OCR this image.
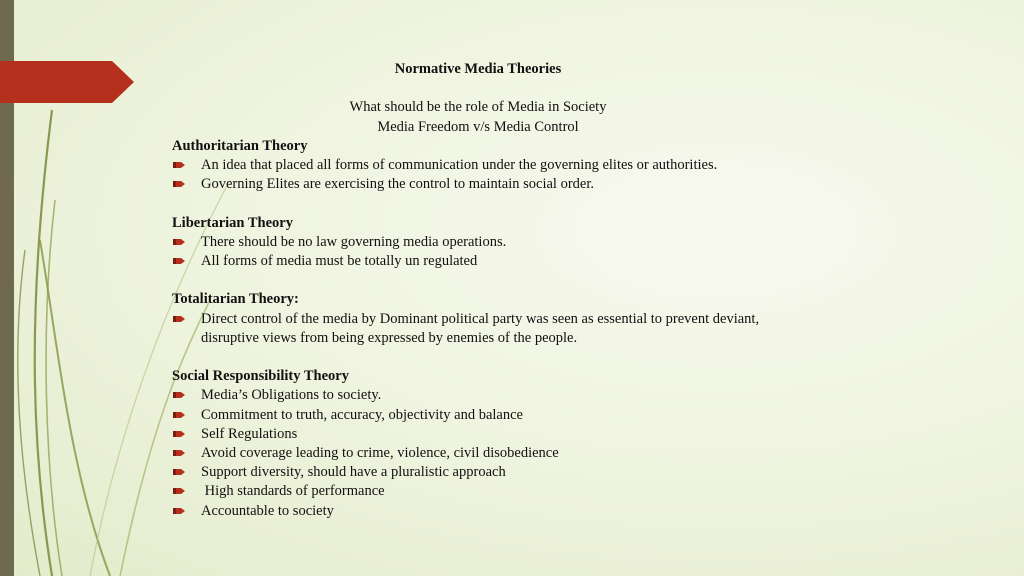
Normative Media Theories
What should be the role of Media in Society
Media Freedom v/s Media Control
Authoritarian Theory
An idea that placed all forms of communication under the governing elites or authorities.
Governing Elites are exercising the control to maintain social order.
Libertarian Theory
There should be no law governing media operations.
All forms of media must be totally un regulated
Totalitarian Theory:
Direct control of the media by Dominant political party was seen as essential to prevent deviant, disruptive views from being expressed by enemies of the people.
Social Responsibility Theory
Media’s Obligations to society.
Commitment to truth, accuracy, objectivity and balance
Self Regulations
Avoid coverage leading to crime, violence, civil disobedience
Support diversity, should have a pluralistic approach
High standards of performance
Accountable to society
